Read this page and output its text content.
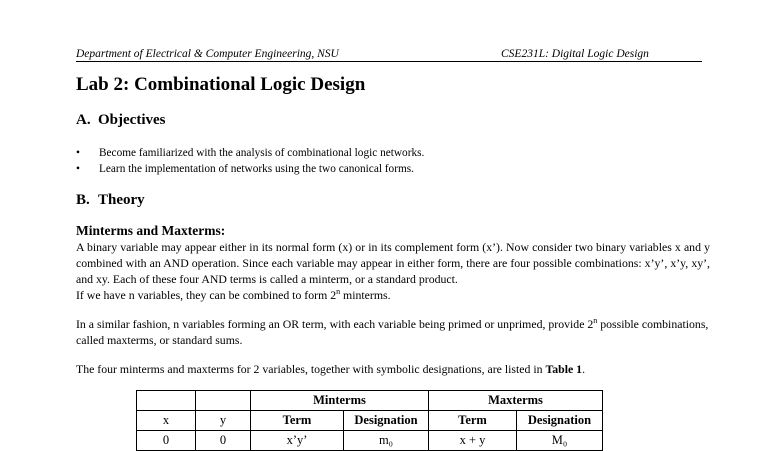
Department of Electrical & Computer Engineering, NSU	CSE231L: Digital Logic Design
Lab 2: Combinational Logic Design
A. Objectives
• Become familiarized with the analysis of combinational logic networks.
• Learn the implementation of networks using the two canonical forms.
B. Theory
Minterms and Maxterms:

A binary variable may appear either in its normal form (x) or in its complement form (x’). Now consider two binary variables x and y combined with an AND operation. Since each variable may appear in either form, there are four possible combinations: x’y’, x’y, xy’, and xy. Each of these four AND terms is called a minterm, or a standard product.

If we have n variables, they can be combined to form 2$^n$ minterms.

In a similar fashion, n variables forming an OR term, with each variable being primed or unprimed, provide 2$^n$ possible combinations, called maxterms, or standard sums.

The four minterms and maxterms for 2 variables, together with symbolic designations, are listed in Table 1.

		Minterms		Maxterms	
x	y	Term	Designation	Term	Designation
0	0	x’y’	m₀	x + y	M₀
